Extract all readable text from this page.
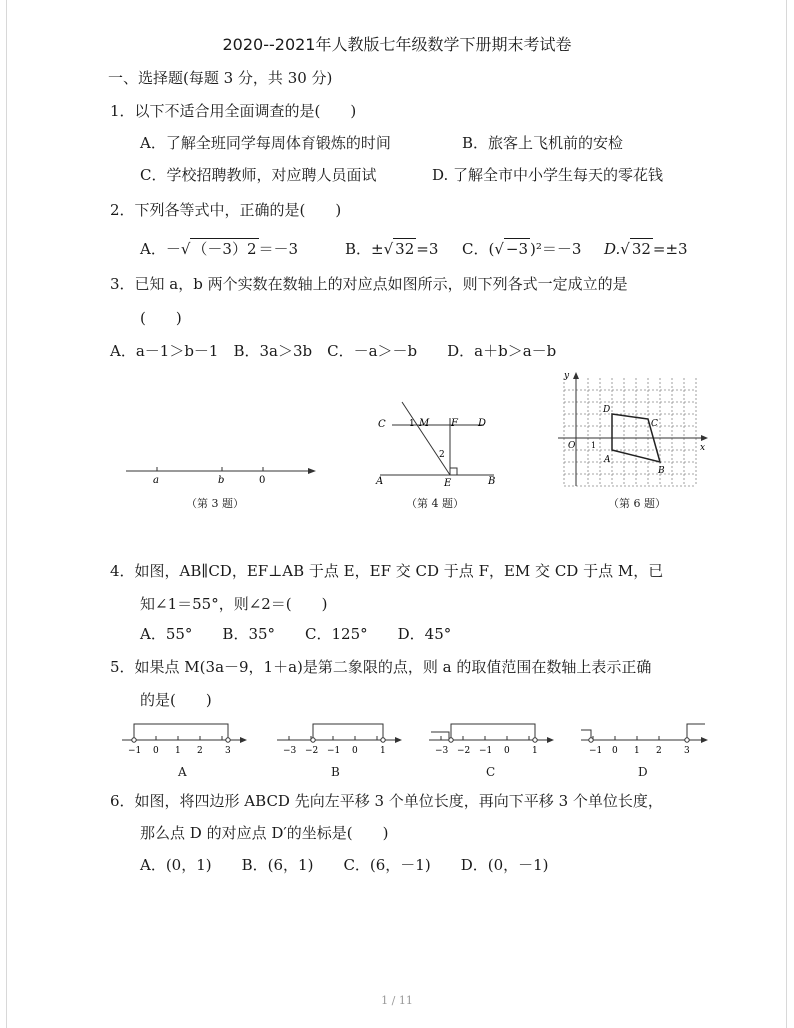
2020--2021年人教版七年级数学下册期末考试卷
一、选择题(每题 3 分，共 30 分)
1．以下不适合用全面调查的是(　　)
A．了解全班同学每周体育锻炼的时间	B．旅客上飞机前的安检
C．学校招聘教师，对应聘人员面试	D. 了解全市中小学生每天的零花钱
2．下列各等式中，正确的是(　　)
A．－√ （－3）2 ＝－3	B．±√ 32 =3 C．(√ −3 )²＝－3 D.√ 32 =±3
3．已知 a，b 两个实数在数轴上的对应点如图所示，则下列各式一定成立的是
(　　)
A．a－1＞b－1　B．3a＞3b　C．－a＞－b　　D．a＋b＞a－b
a	b	0
（第 3 题）
C	1 M F D
2
A	E	B
（第 4 题）
y
x
O 1
D
C
A
B
（第 6 题）
4．如图，AB∥CD，EF⊥AB 于点 E，EF 交 CD 于点 F，EM 交 CD 于点 M，已
知∠1＝55°，则∠2＝(　　)
A．55°　　B．35°　　C．125°　　D．45°
5．如果点 M(3a－9，1＋a)是第二象限的点，则 a 的取值范围在数轴上表示正确
的是(　　)
−1 0 1 2 3
A
−3 −2 −1 0 1
B
−3 −2 −1 0 1
C
−1 0 1 2 3
D
6．如图，将四边形 ABCD 先向左平移 3 个单位长度，再向下平移 3 个单位长度，
那么点 D 的对应点 D′的坐标是(　　)
A．(0，1)　　B．(6，1)　　C．(6，－1)　　D．(0，－1)
1 / 11
